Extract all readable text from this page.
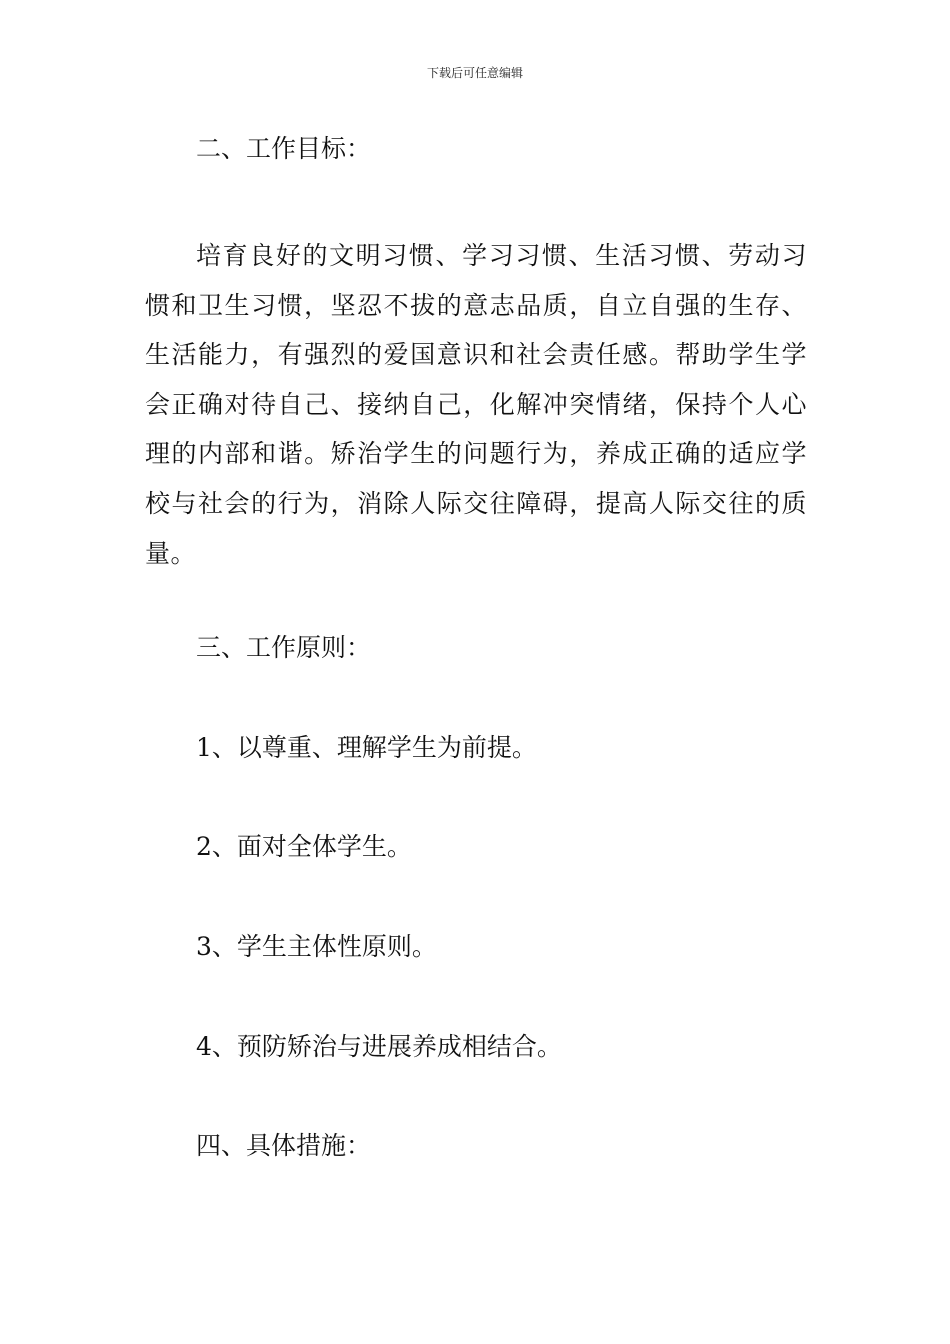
下载后可任意编辑
二、工作目标：

培育良好的文明习惯、学习习惯、生活习惯、劳动习惯和卫生习惯，坚忍不拔的意志品质，自立自强的生存、生活能力，有强烈的爱国意识和社会责任感。帮助学生学会正确对待自己、接纳自己，化解冲突情绪，保持个人心理的内部和谐。矫治学生的问题行为，养成正确的适应学校与社会的行为，消除人际交往障碍，提高人际交往的质量。

三、工作原则：
1、以尊重、理解学生为前提。
2、面对全体学生。
3、学生主体性原则。
4、预防矫治与进展养成相结合。
四、具体措施：
